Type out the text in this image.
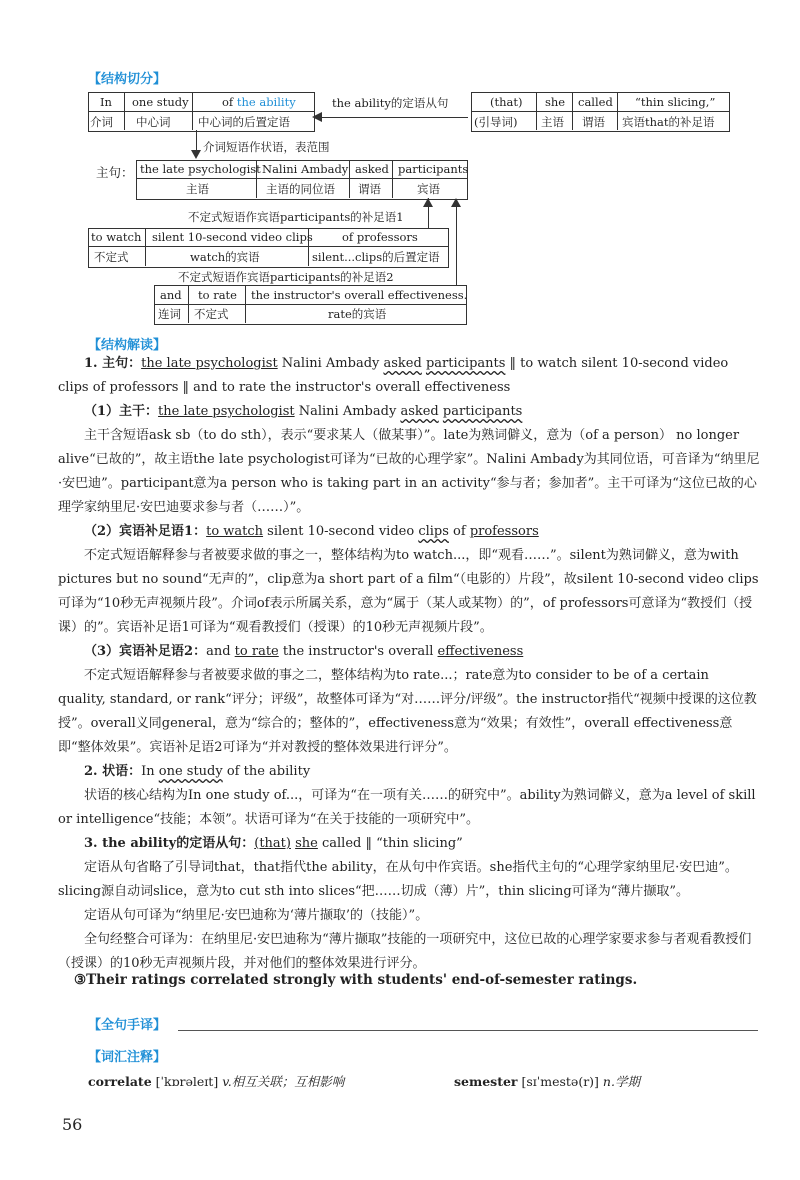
【结构切分】
In
介词
one study
中心词
of the ability
中心词的后置定语
the ability的定语从句	(that)
(引导词)
she
主语
called
谓语
“thin slicing,”
宾语that的补足语
介词短语作状语，表范围
主句： the late psychologist
主语
Nalini Ambady
主语的同位语
asked
谓语
participants
宾语
不定式短语作宾语participants的补足语1
to watch
不定式
silent 10-second video clips
watch的宾语
of professors
silent...clips的后置定语
不定式短语作宾语participants的补足语2
and
连词
to rate
不定式
the instructor's overall effectiveness.
rate的宾语
【结构解读】
1. 主句：the late psychologist Nalini Ambady asked participants ‖ to watch silent 10-second video clips of professors ‖ and to rate the instructor's overall effectiveness
（1）主干：the late psychologist Nalini Ambady asked participants
主干含短语ask sb（to do sth），表示“要求某人（做某事）”。late为熟词僻义，意为（of a person） no longer alive“已故的”，故主语the late psychologist可译为“已故的心理学家”。Nalini Ambady为其同位语，可音译为“纳里尼·安巴迪”。participant意为a person who is taking part in an activity“参与者；参加者”。主干可译为“这位已故的心理学家纳里尼·安巴迪要求参与者（……）”。
（2）宾语补足语1：to watch silent 10-second video clips of professors
不定式短语解释参与者被要求做的事之一，整体结构为to watch...，即“观看……”。silent为熟词僻义，意为with pictures but no sound“无声的”，clip意为a short part of a film“（电影的）片段”，故silent 10-second video clips可译为“10秒无声视频片段”。介词of表示所属关系，意为“属于（某人或某物）的”，of professors可意译为“教授们（授课）的”。宾语补足语1可译为“观看教授们（授课）的10秒无声视频片段”。
（3）宾语补足语2：and to rate the instructor's overall effectiveness
不定式短语解释参与者被要求做的事之二，整体结构为to rate...；rate意为to consider to be of a certain quality, standard, or rank“评分；评级”，故整体可译为“对……评分/评级”。the instructor指代“视频中授课的这位教授”。overall义同general，意为“综合的；整体的”，effectiveness意为“效果；有效性”，overall effectiveness意即“整体效果”。宾语补足语2可译为“并对教授的整体效果进行评分”。
2. 状语：In one study of the ability
状语的核心结构为In one study of...，可译为“在一项有关……的研究中”。ability为熟词僻义，意为a level of skill or intelligence“技能；本领”。状语可译为“在关于技能的一项研究中”。
3. the ability的定语从句：(that) she called ‖ “thin slicing”
定语从句省略了引导词that，that指代the ability，在从句中作宾语。she指代主句的“心理学家纳里尼·安巴迪”。slicing源自动词slice，意为to cut sth into slices“把……切成（薄）片”，thin slicing可译为“薄片撷取”。
定语从句可译为“纳里尼·安巴迪称为‘薄片撷取’的（技能）”。
全句经整合可译为：在纳里尼·安巴迪称为“薄片撷取”技能的一项研究中，这位已故的心理学家要求参与者观看教授们（授课）的10秒无声视频片段，并对他们的整体效果进行评分。
③Their ratings correlated strongly with students' end-of-semester ratings.
【全句手译】
【词汇注释】
correlate [ˈkɒrəleɪt] v.相互关联；互相影响	semester [sɪˈmestə(r)] n.学期
56
